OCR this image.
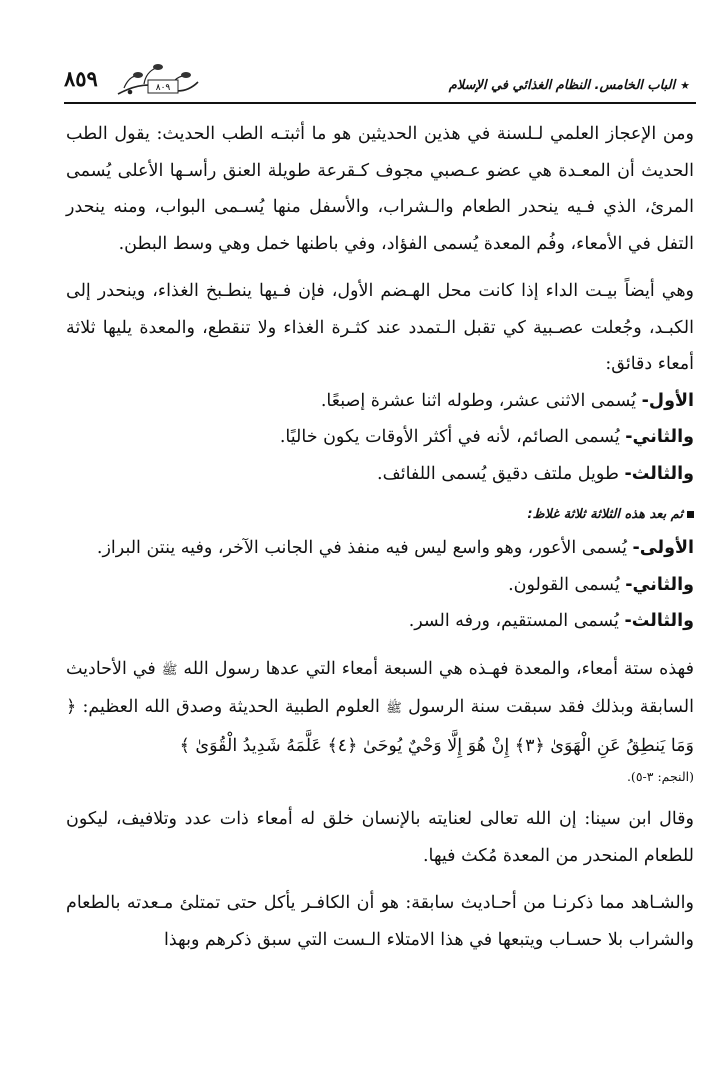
★الباب الخامس. النظام الغذائي في الإسلام
۸۰۹
٨٥٩

ومن الإعجاز العلمي لـلسنة في هذين الحديثين هو ما أثبتـه الطب الحديث: يقول الطب الحديث أن المعـدة هي عضو عـصبي مجوف كـقرعة طويلة العنق رأسـها الأعلى يُسمى المرئ، الذي فـيه ينحدر الطعام والـشراب، والأسفل منها يُسـمى البواب، ومنه ينحدر التفل في الأمعاء، وفُم المعدة يُسمى الفؤاد، وفي باطنها خمل وهي وسط البطن.

وهي أيضاً بيـت الداء إذا كانت محل الهـضم الأول، فإن فـيها ينطـبخ الغذاء، وينحدر إلى الكبـد، وجُعلت عصـبية كي تقبل الـتمدد عند كثـرة الغذاء ولا تنقطع، والمعدة يليها ثلاثة أمعاء دقائق:

الأول- يُسمى الاثنى عشر، وطوله اثنا عشرة إصبعًا.

والثاني- يُسمى الصائم، لأنه في أكثر الأوقات يكون خاليًا.

والثالث- طويل ملتف دقيق يُسمى اللفائف.

ثم بعد هذه الثلاثة ثلاثة غلاظ:

الأولى- يُسمى الأعور، وهو واسع ليس فيه منفذ في الجانب الآخر، وفيه ينتن البراز.

والثاني- يُسمى القولون.

والثالث- يُسمى المستقيم، ورفه السر.

فهذه ستة أمعاء، والمعدة فهـذه هي السبعة أمعاء التي عدها رسول الله ﷺ في الأحاديث السابقة وبذلك فقد سبقت سنة الرسول ﷺ العلوم الطبية الحديثة وصدق الله العظيم: ﴿ وَمَا يَنطِقُ عَنِ الْهَوَىٰ ﴿٣﴾ إِنْ هُوَ إِلَّا وَحْيٌ يُوحَىٰ ﴿٤﴾ عَلَّمَهُ شَدِيدُ الْقُوَىٰ ﴾

(النجم: ٣-٥).

وقال ابن سينا: إن الله تعالى لعنايته بالإنسان خلق له أمعاء ذات عدد وتلافيف، ليكون للطعام المنحدر من المعدة مُكث فيها.

والشـاهد مما ذكرنـا من أحـاديث سابقة: هو أن الكافـر يأكل حتى تمتلئ مـعدته بالطعام والشراب بلا حسـاب ويتبعها في هذا الامتلاء الـست التي سبق ذكرهم وبهذا
